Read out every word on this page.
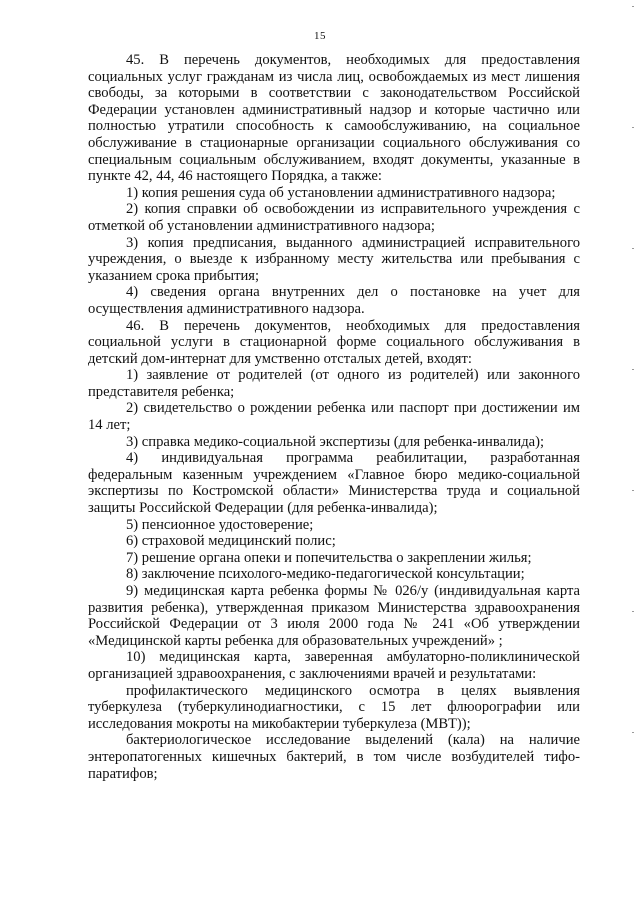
15

45. В перечень документов, необходимых для предоставления социальных услуг гражданам из числа лиц, освобождаемых из мест лишения свободы, за которыми в соответствии с законодательством Российской Федерации установлен административный надзор и которые частично или полностью утратили способность к самообслуживанию, на социальное обслуживание в стационарные организации социального обслуживания со специальным социальным обслуживанием, входят документы, указанные в пункте 42, 44, 46 настоящего Порядка, а также:

1) копия решения суда об установлении административного надзора;

2) копия справки об освобождении из исправительного учреждения с отметкой об установлении административного надзора;

3) копия предписания, выданного администрацией исправительного учреждения, о выезде к избранному месту жительства или пребывания с указанием срока прибытия;

4) сведения органа внутренних дел о постановке на учет для осуществления административного надзора.

46. В перечень документов, необходимых для предоставления социальной услуги в стационарной форме социального обслуживания в детский дом-интернат для умственно отсталых детей, входят:

1) заявление от родителей (от одного из родителей) или законного представителя ребенка;

2) свидетельство о рождении ребенка или паспорт при достижении им 14 лет;

3) справка медико-социальной экспертизы (для ребенка-инвалида);

4) индивидуальная программа реабилитации, разработанная федеральным казенным учреждением «Главное бюро медико-социальной экспертизы по Костромской области» Министерства труда и социальной защиты Российской Федерации (для ребенка-инвалида);

5) пенсионное удостоверение;

6) страховой медицинский полис;

7) решение органа опеки и попечительства о закреплении жилья;

8) заключение психолого-медико-педагогической консультации;

9) медицинская карта ребенка формы № 026/у (индивидуальная карта развития ребенка), утвержденная приказом Министерства здравоохранения Российской Федерации от 3 июля 2000 года № 241 «Об утверждении «Медицинской карты ребенка для образовательных учреждений» ;

10) медицинская карта, заверенная амбулаторно-поликлинической организацией здравоохранения, с заключениями врачей и результатами:

профилактического медицинского осмотра в целях выявления туберкулеза (туберкулинодиагностики, с 15 лет флюорографии или исследования мокроты на микобактерии туберкулеза (МВТ));

бактериологическое исследование выделений (кала) на наличие энтеропатогенных кишечных бактерий, в том числе возбудителей тифо-паратифов;
